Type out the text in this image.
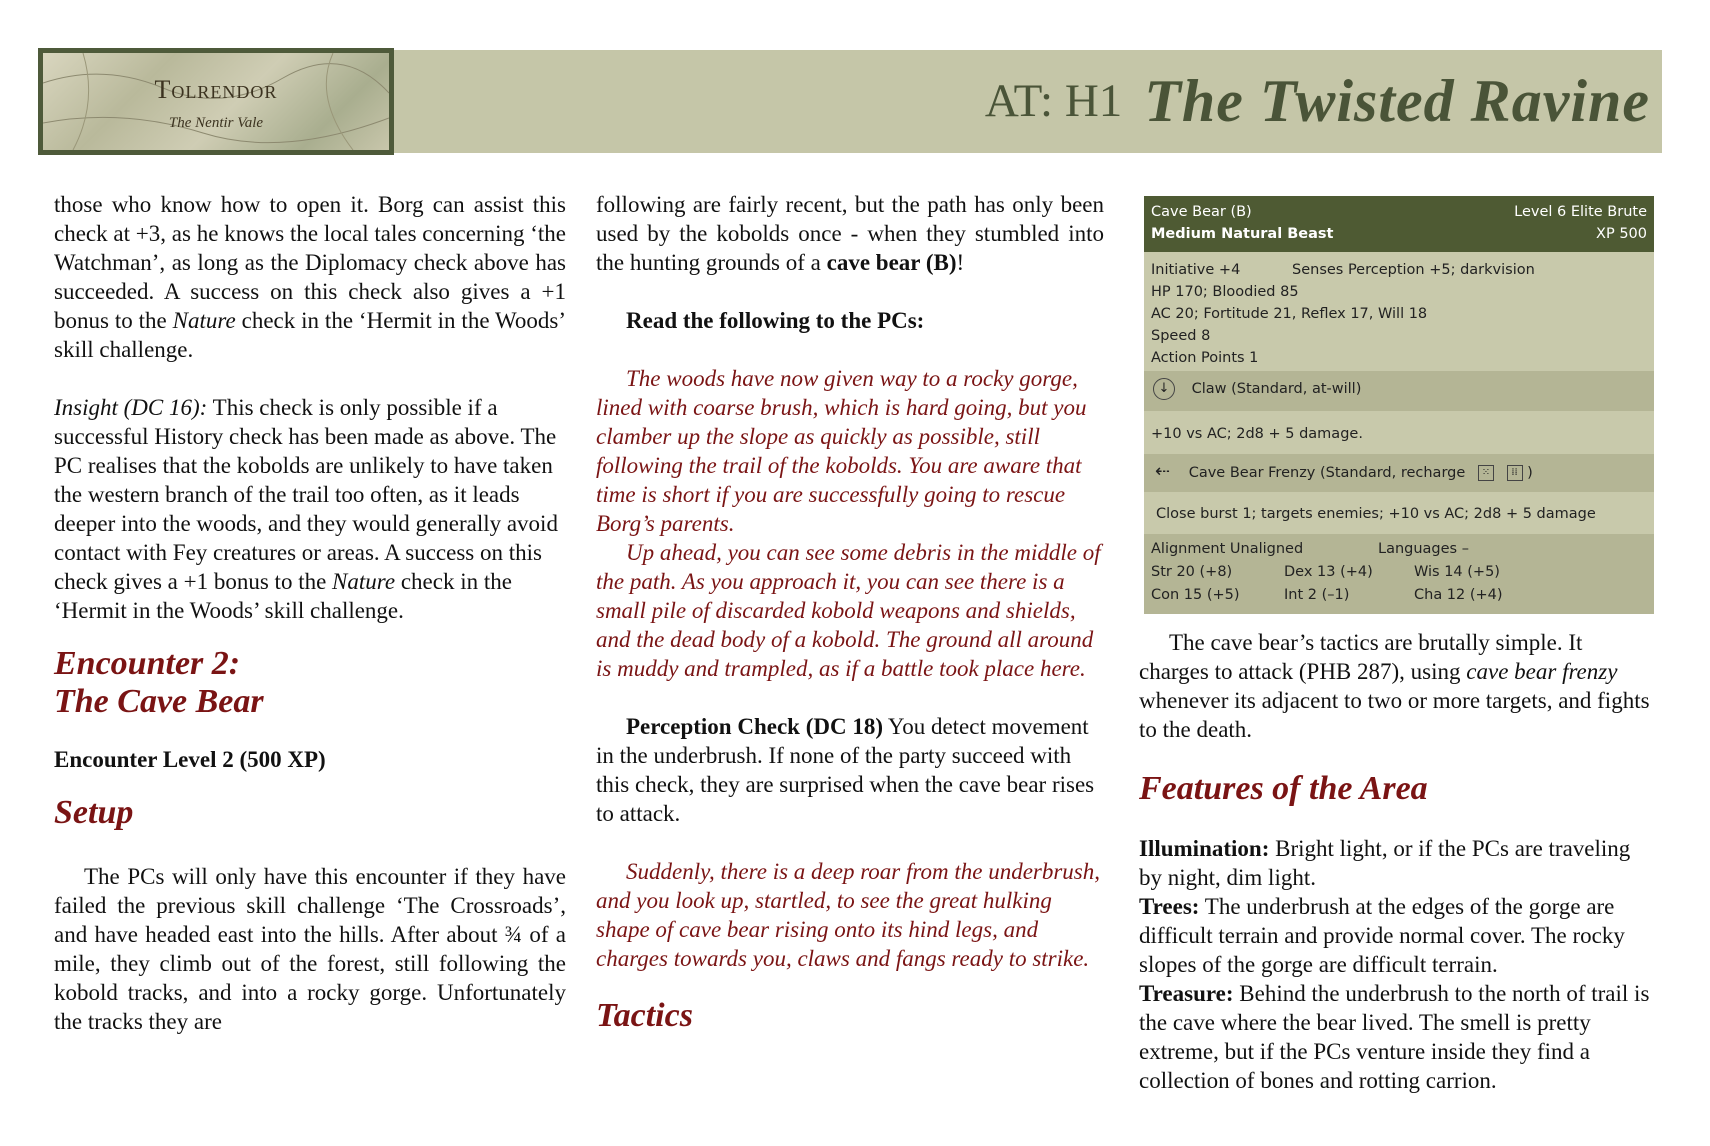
Tolrendor
The Nentir Vale	AT: H1 The Twisted Ravine

those who know how to open it. Borg can assist this check at +3, as he knows the local tales concerning ‘the Watchman’, as long as the Diplomacy check above has succeeded. A success on this check also gives a +1 bonus to the Nature check in the ‘Hermit in the Woods’ skill challenge.

Insight (DC 16): This check is only possible if a successful History check has been made as above. The PC realises that the kobolds are unlikely to have taken the western branch of the trail too often, as it leads deeper into the woods, and they would generally avoid contact with Fey creatures or areas. A success on this check gives a +1 bonus to the Nature check in the ‘Hermit in the Woods’ skill challenge.

Encounter 2:
The Cave Bear

Encounter Level 2 (500 XP)

Setup

The PCs will only have this encounter if they have failed the previous skill challenge ‘The Crossroads’, and have headed east into the hills. After about ¾ of a mile, they climb out of the forest, still following the kobold tracks, and into a rocky gorge. Unfortunately the tracks they are

following are fairly recent, but the path has only been used by the kobolds once - when they stumbled into the hunting grounds of a cave bear (B)!

Read the following to the PCs:

The woods have now given way to a rocky gorge, lined with coarse brush, which is hard going, but you clamber up the slope as quickly as possible, still following the trail of the kobolds. You are aware that time is short if you are successfully going to rescue Borg’s parents.

Up ahead, you can see some debris in the middle of the path. As you approach it, you can see there is a small pile of discarded kobold weapons and shields, and the dead body of a kobold. The ground all around is muddy and trampled, as if a battle took place here.

Perception Check (DC 18) You detect movement in the underbrush. If none of the party succeed with this check, they are surprised when the cave bear rises to attack.

Suddenly, there is a deep roar from the underbrush, and you look up, startled, to see the great hulking shape of cave bear rising onto its hind legs, and charges towards you, claws and fangs ready to strike.

Tactics
Cave Bear (B)	Level 6 Elite Brute
Medium Natural Beast	XP 500
Initiative +4	Senses Perception +5; darkvision
HP 170; Bloodied 85
AC 20; Fortitude 21, Reflex 17, Will 18
Speed 8
Action Points 1
↓ Claw (Standard, at-will)
+10 vs AC; 2d8 + 5 damage.
⇠ Cave Bear Frenzy (Standard, recharge ⁙ ⁞⁞ )
Close burst 1; targets enemies; +10 vs AC; 2d8 + 5 damage
Alignment Unaligned	Languages –
Str 20 (+8)	Dex 13 (+4)	Wis 14 (+5)
Con 15 (+5)	Int 2 (–1)	Cha 12 (+4)

The cave bear’s tactics are brutally simple. It charges to attack (PHB 287), using cave bear frenzy whenever its adjacent to two or more targets, and fights to the death.

Features of the Area

Illumination: Bright light, or if the PCs are traveling by night, dim light.

Trees: The underbrush at the edges of the gorge are difficult terrain and provide normal cover. The rocky slopes of the gorge are difficult terrain.

Treasure: Behind the underbrush to the north of trail is the cave where the bear lived. The smell is pretty extreme, but if the PCs venture inside they find a collection of bones and rotting carrion.
